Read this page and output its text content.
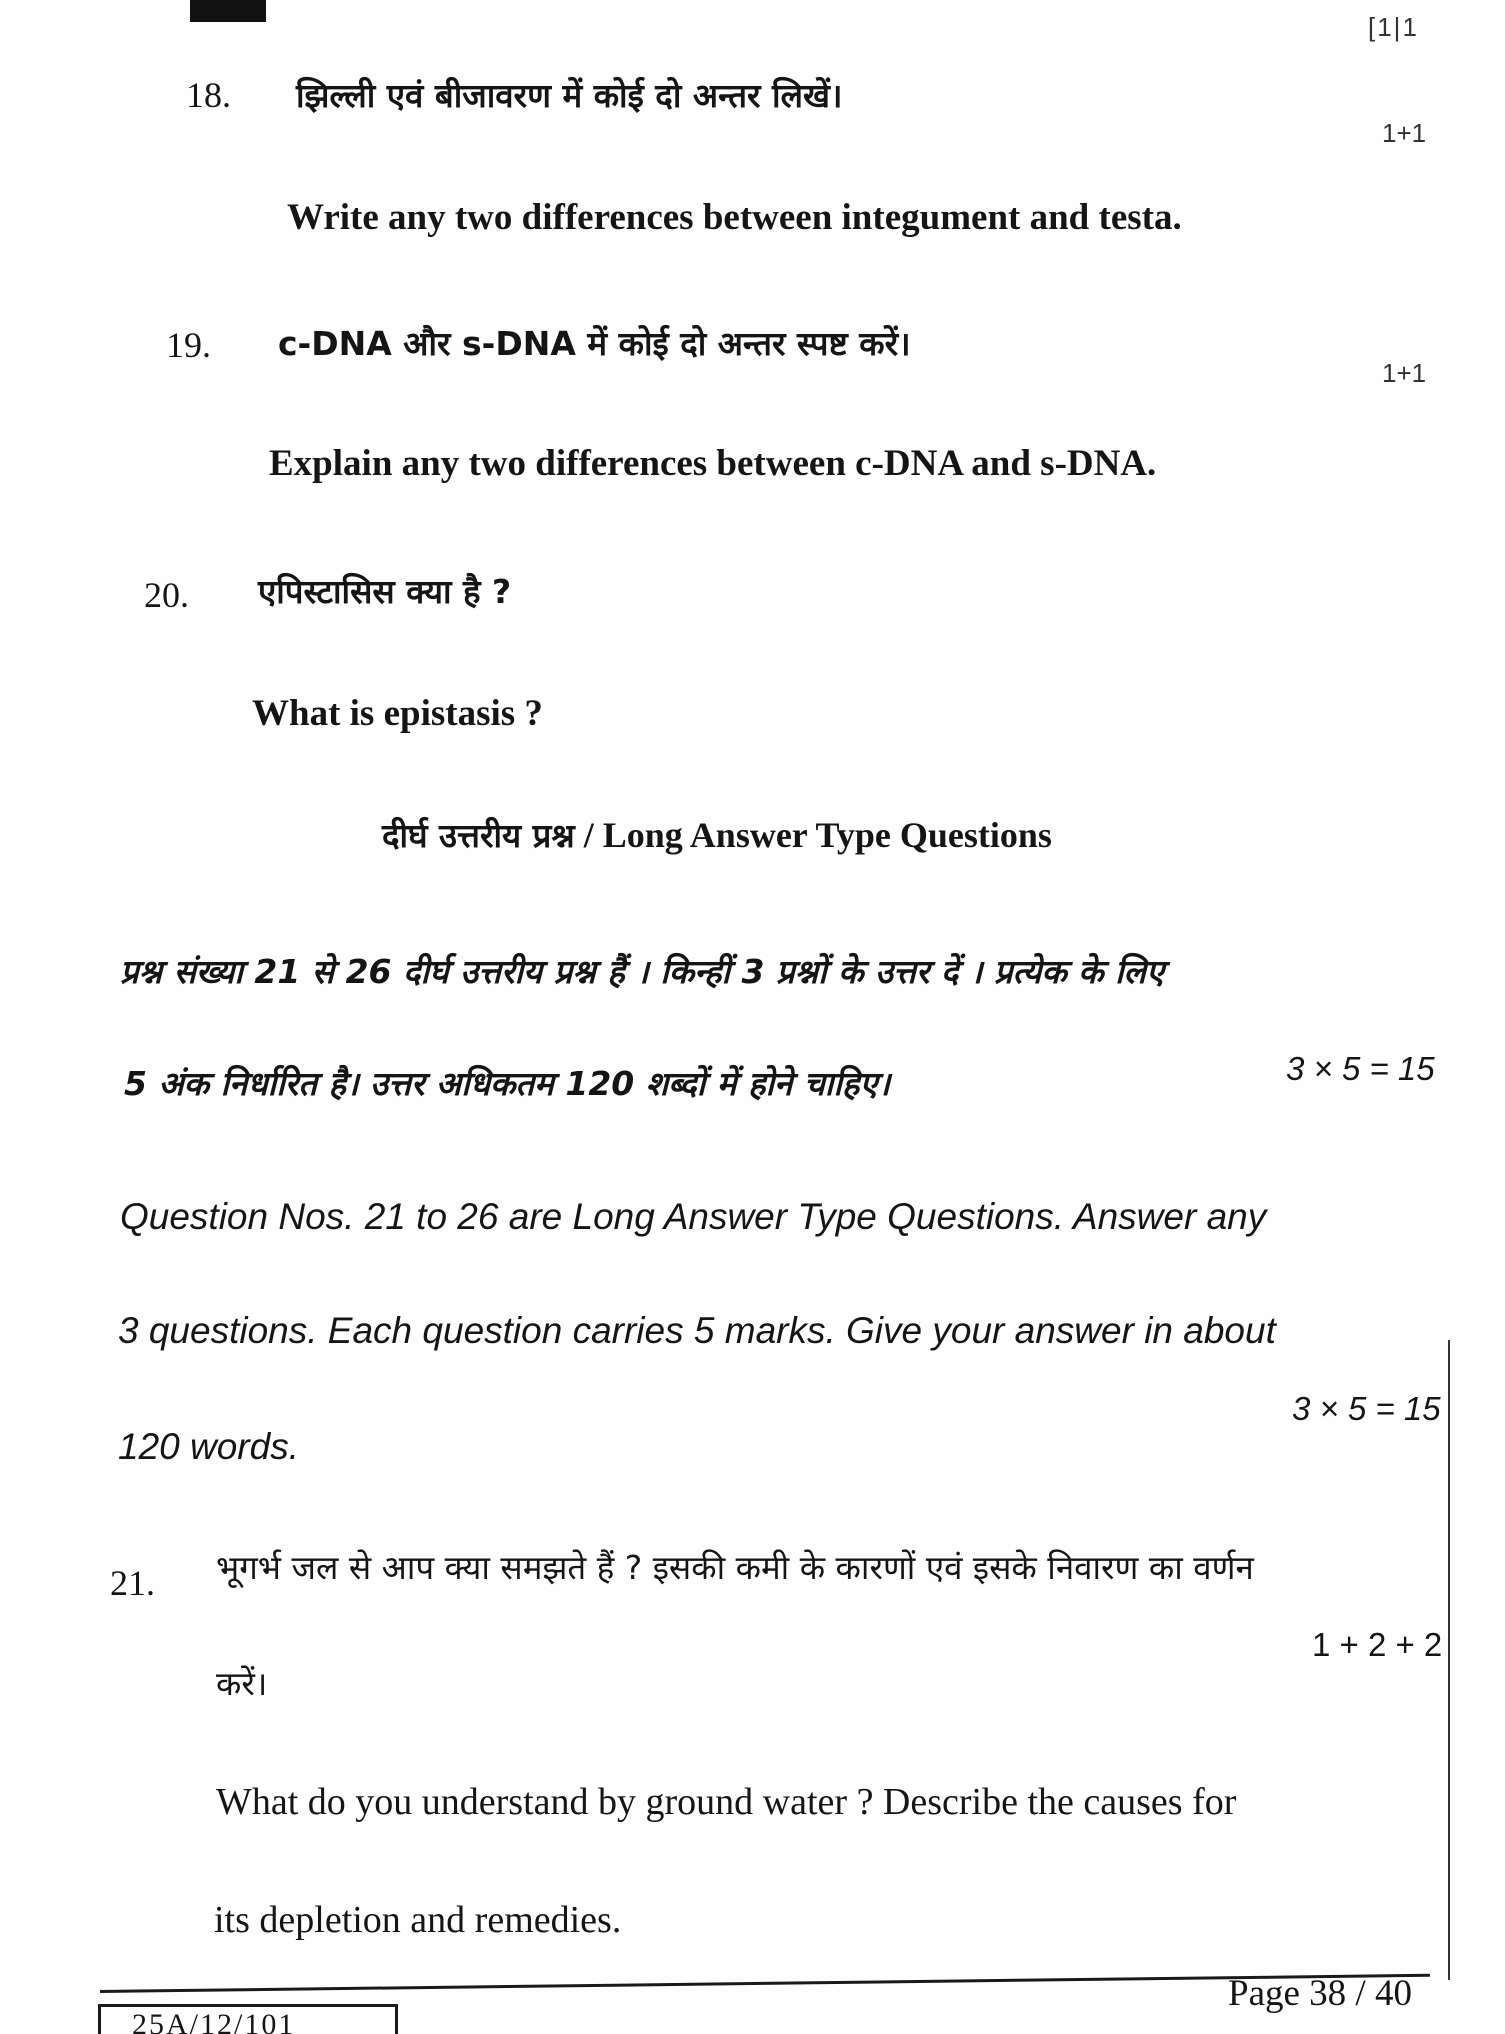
[1|1
18. झिल्ली एवं बीजावरण में कोई दो अन्तर लिखें।
1+1
Write any two differences between integument and testa.
19. c-DNA और s-DNA में कोई दो अन्तर स्पष्ट करें।
1+1
Explain any two differences between c-DNA and s-DNA.
20. एपिस्टासिस क्या है ?
What is epistasis ?
दीर्घ उत्तरीय प्रश्न / Long Answer Type Questions
प्रश्न संख्या 21 से 26 दीर्घ उत्तरीय प्रश्न हैं । किन्हीं 3 प्रश्नों के उत्तर दें । प्रत्येक के लिए
5 अंक निर्धारित है। उत्तर अधिकतम 120 शब्दों में होने चाहिए।	3 × 5 = 15
Question Nos. 21 to 26 are Long Answer Type Questions. Answer any
3 questions. Each question carries 5 marks. Give your answer in about
3 × 5 = 15
120 words.
21. भूगर्भ जल से आप क्या समझते हैं ? इसकी कमी के कारणों एवं इसके निवारण का वर्णन
करें।
1 + 2 + 2
What do you understand by ground water ? Describe the causes for
its depletion and remedies.
25A/12/101
Page 38 / 40
